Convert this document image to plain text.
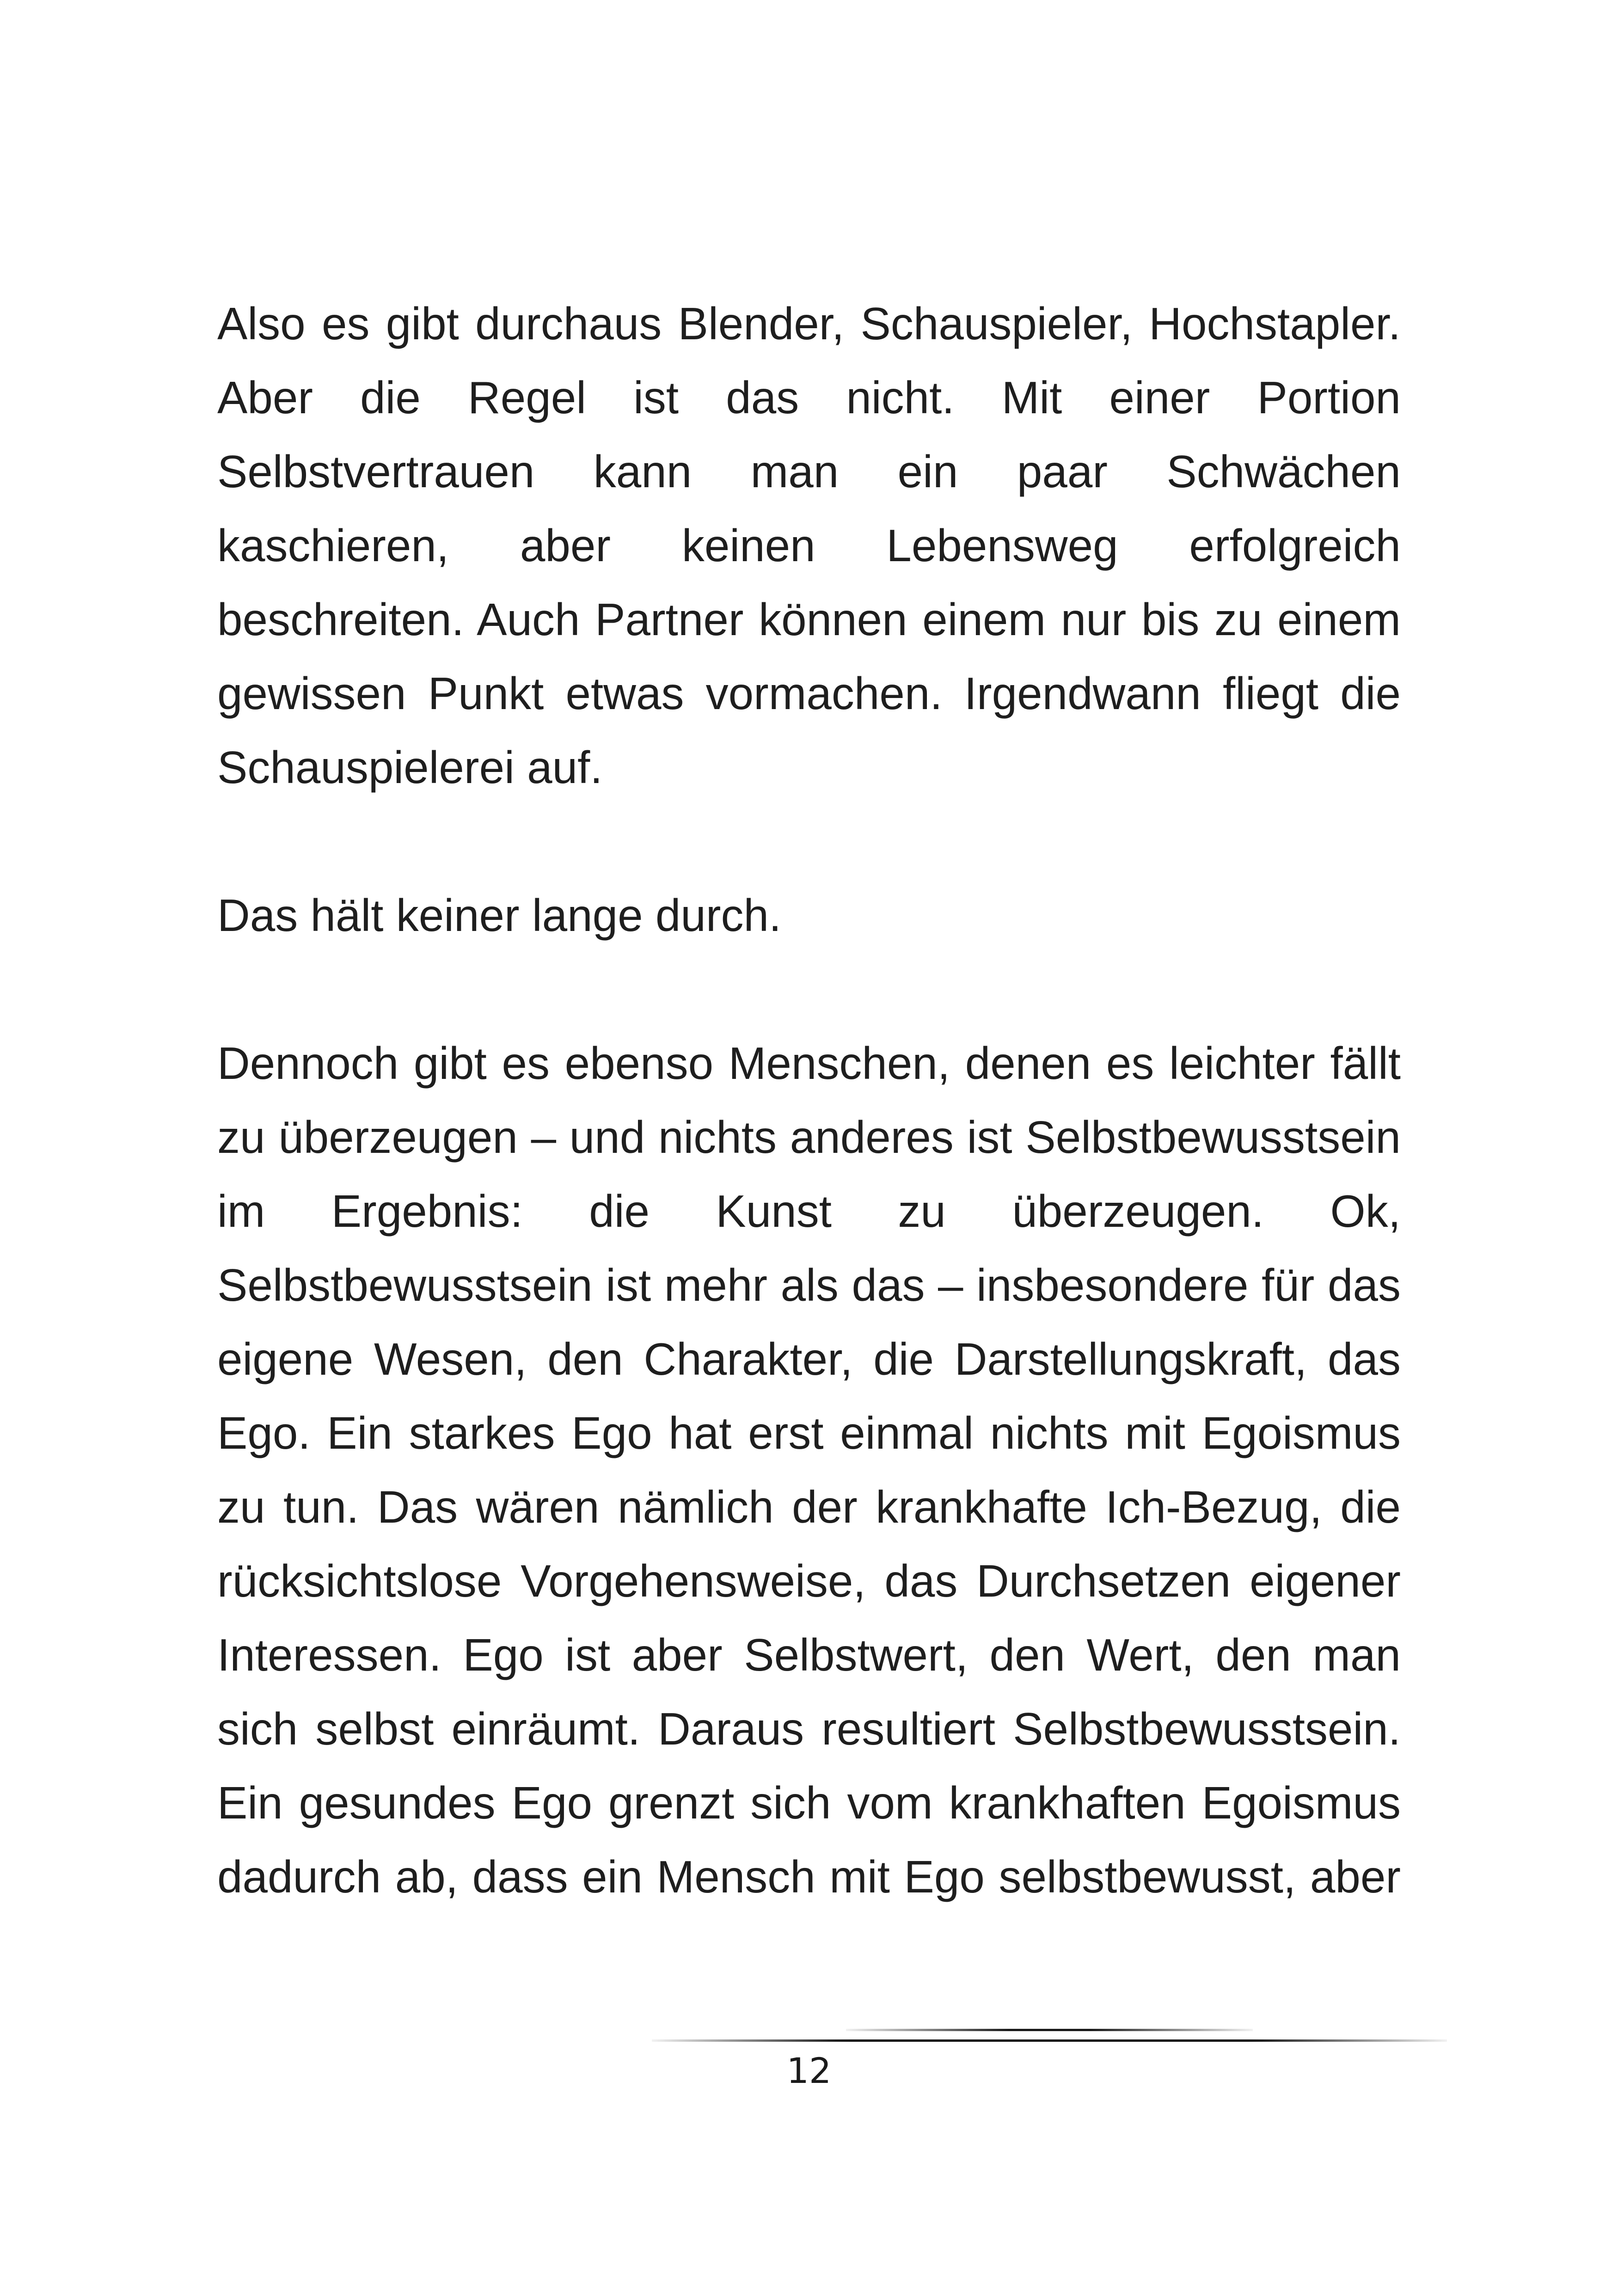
Also es gibt durchaus Blender, Schauspieler, Hochstapler.
Aber die Regel ist das nicht. Mit einer Portion
Selbstvertrauen kann man ein paar Schwächen
kaschieren, aber keinen Lebensweg erfolgreich
beschreiten. Auch Partner können einem nur bis zu einem
gewissen Punkt etwas vormachen. Irgendwann fliegt die
Schauspielerei auf.
Das hält keiner lange durch.
Dennoch gibt es ebenso Menschen, denen es leichter fällt
zu überzeugen – und nichts anderes ist Selbstbewusstsein
im Ergebnis: die Kunst zu überzeugen. Ok,
Selbstbewusstsein ist mehr als das – insbesondere für das
eigene Wesen, den Charakter, die Darstellungskraft, das
Ego. Ein starkes Ego hat erst einmal nichts mit Egoismus
zu tun. Das wären nämlich der krankhafte Ich-Bezug, die
rücksichtslose Vorgehensweise, das Durchsetzen eigener
Interessen. Ego ist aber Selbstwert, den Wert, den man
sich selbst einräumt. Daraus resultiert Selbstbewusstsein.
Ein gesundes Ego grenzt sich vom krankhaften Egoismus
dadurch ab, dass ein Mensch mit Ego selbstbewusst, aber
12
